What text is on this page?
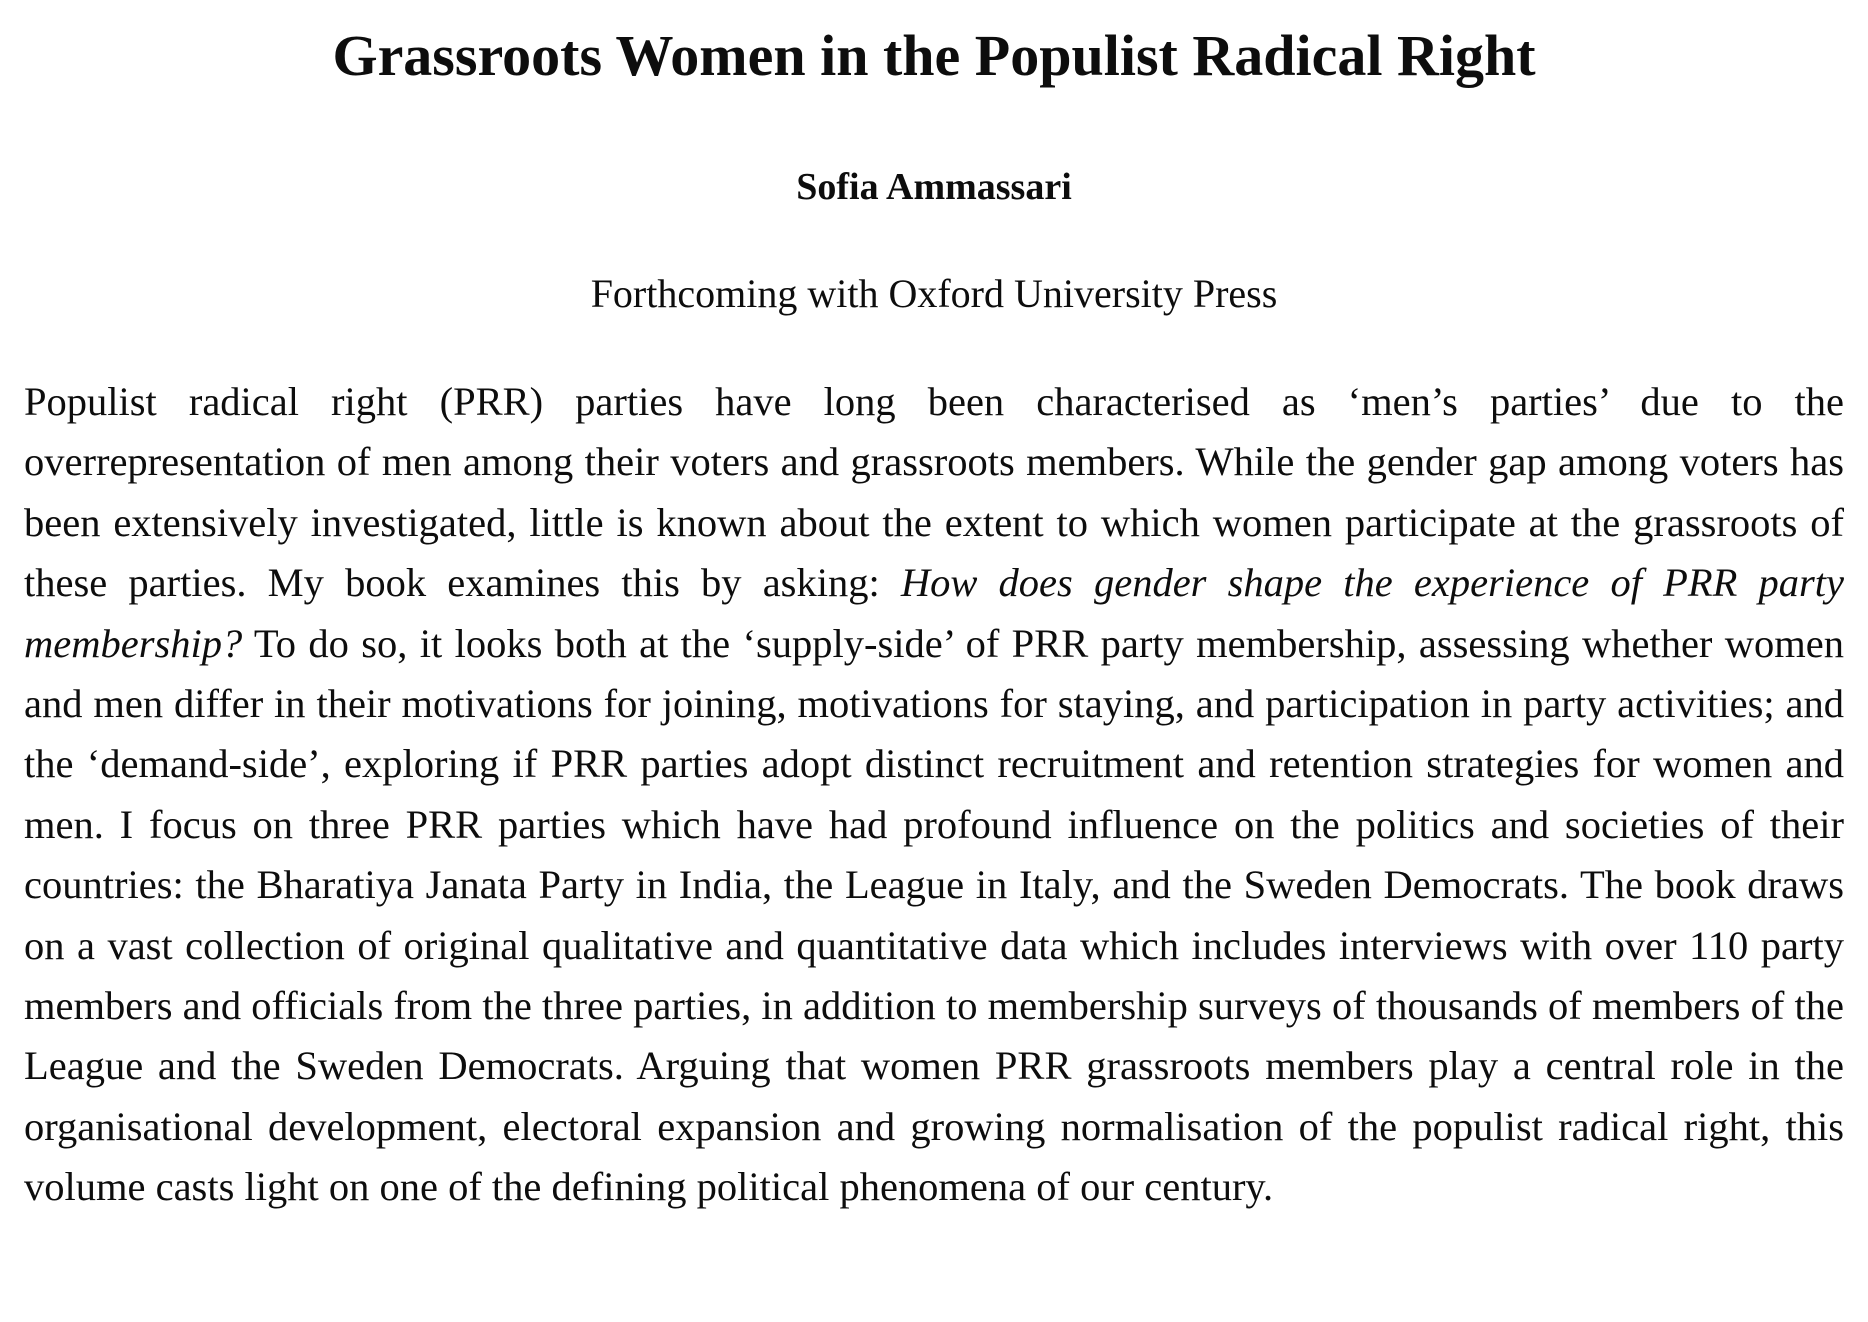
Grassroots Women in the Populist Radical Right

Sofia Ammassari

Forthcoming with Oxford University Press

Populist radical right (PRR) parties have long been characterised as ‘men’s parties’ due to the overrepresentation of men among their voters and grassroots members. While the gender gap among voters has been extensively investigated, little is known about the extent to which women participate at the grassroots of these parties. My book examines this by asking: How does gender shape the experience of PRR party membership? To do so, it looks both at the ‘supply-side’ of PRR party membership, assessing whether women and men differ in their motivations for joining, motivations for staying, and participation in party activities; and the ‘demand-side’, exploring if PRR parties adopt distinct recruitment and retention strategies for women and men. I focus on three PRR parties which have had profound influence on the politics and societies of their countries: the Bharatiya Janata Party in India, the League in Italy, and the Sweden Democrats. The book draws on a vast collection of original qualitative and quantitative data which includes interviews with over 110 party members and officials from the three parties, in addition to membership surveys of thousands of members of the League and the Sweden Democrats. Arguing that women PRR grassroots members play a central role in the organisational development, electoral expansion and growing normalisation of the populist radical right, this volume casts light on one of the defining political phenomena of our century.
